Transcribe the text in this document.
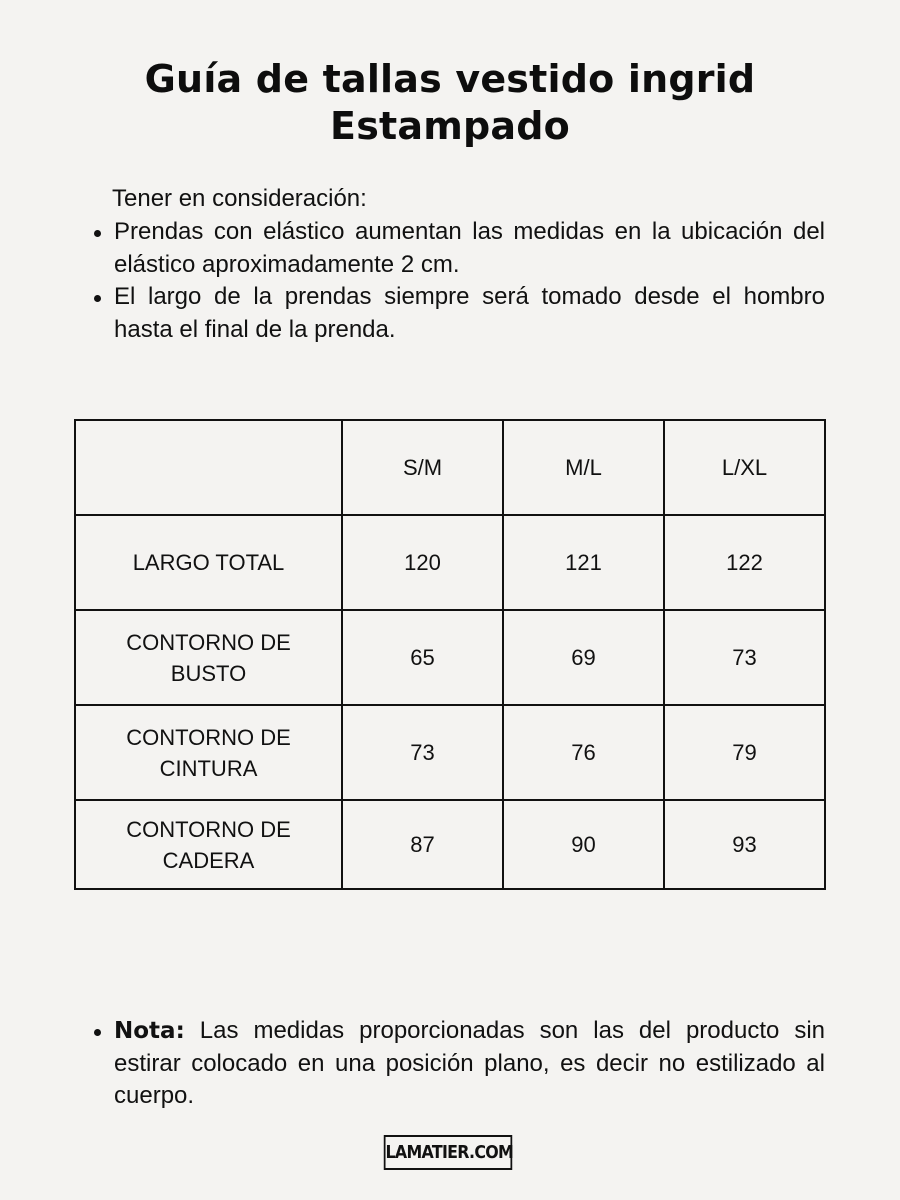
Guía de tallas vestido ingrid
Estampado
Tener en consideración:
Prendas con elástico aumentan las medidas en la ubicación del elástico aproximadamente 2 cm.
El largo de la prendas siempre será tomado desde el hombro hasta el final de la prenda.
	S/M	M/L	L/XL
LARGO TOTAL	120	121	122
CONTORNO DE BUSTO	65	69	73
CONTORNO DE CINTURA	73	76	79
CONTORNO DE CADERA	87	90	93
Nota: Las medidas proporcionadas son las del producto sin estirar colocado en una posición plano, es decir no estilizado al cuerpo.
LAMATIER.COM
